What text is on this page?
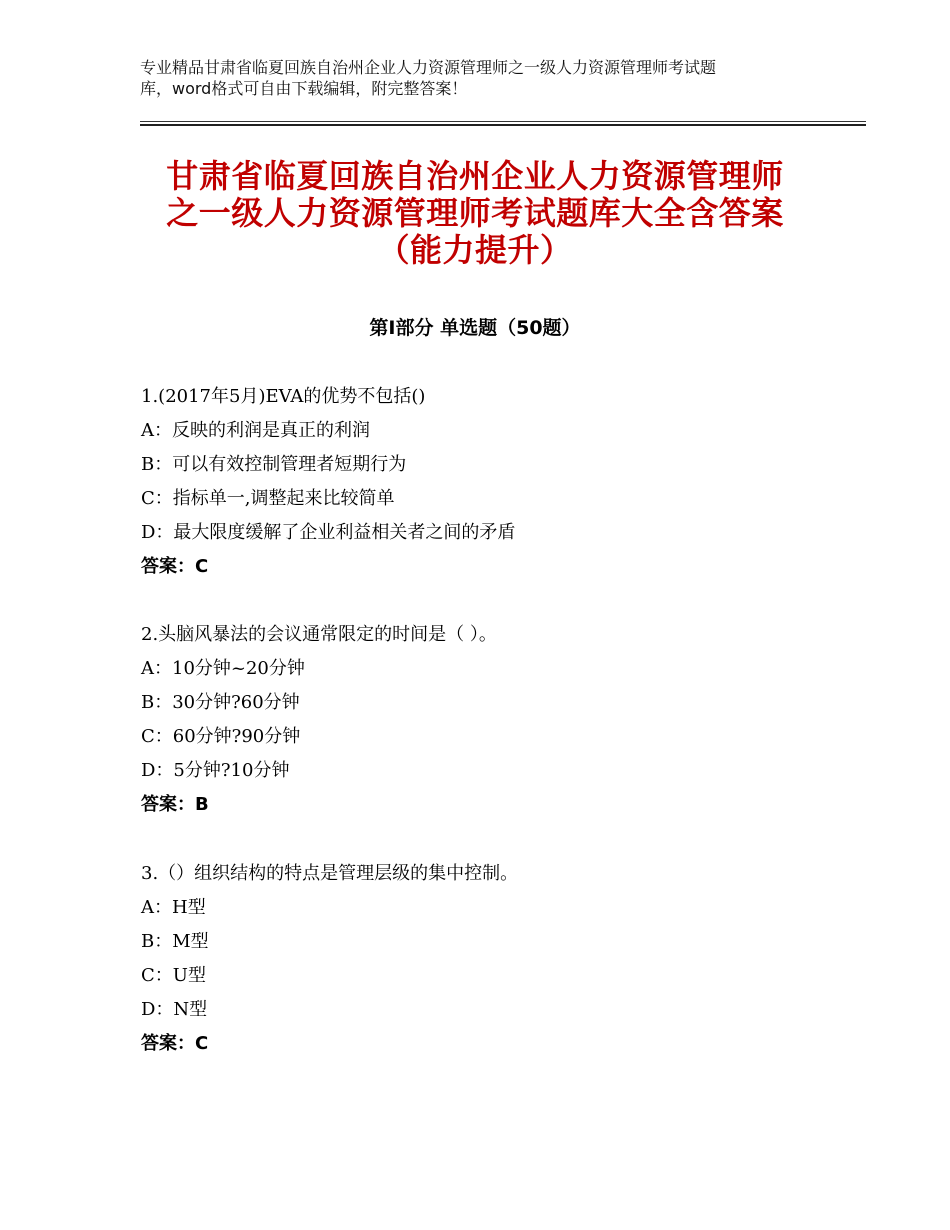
专业精品甘肃省临夏回族自治州企业人力资源管理师之一级人力资源管理师考试题
库，word格式可自由下载编辑，附完整答案！
甘肃省临夏回族自治州企业人力资源管理师
之一级人力资源管理师考试题库大全含答案
（能力提升）
第Ⅰ部分 单选题（50题）
1.(2017年5月)EVA的优势不包括()
A：反映的利润是真正的利润
B：可以有效控制管理者短期行为
C：指标单一,调整起来比较简单
D：最大限度缓解了企业利益相关者之间的矛盾
答案：C
2.头脑风暴法的会议通常限定的时间是（ ）。
A：10分钟~20分钟
B：30分钟?60分钟
C：60分钟?90分钟
D：5分钟?10分钟
答案：B
3.（）组织结构的特点是管理层级的集中控制。
A：H型
B：M型
C：U型
D：N型
答案：C
